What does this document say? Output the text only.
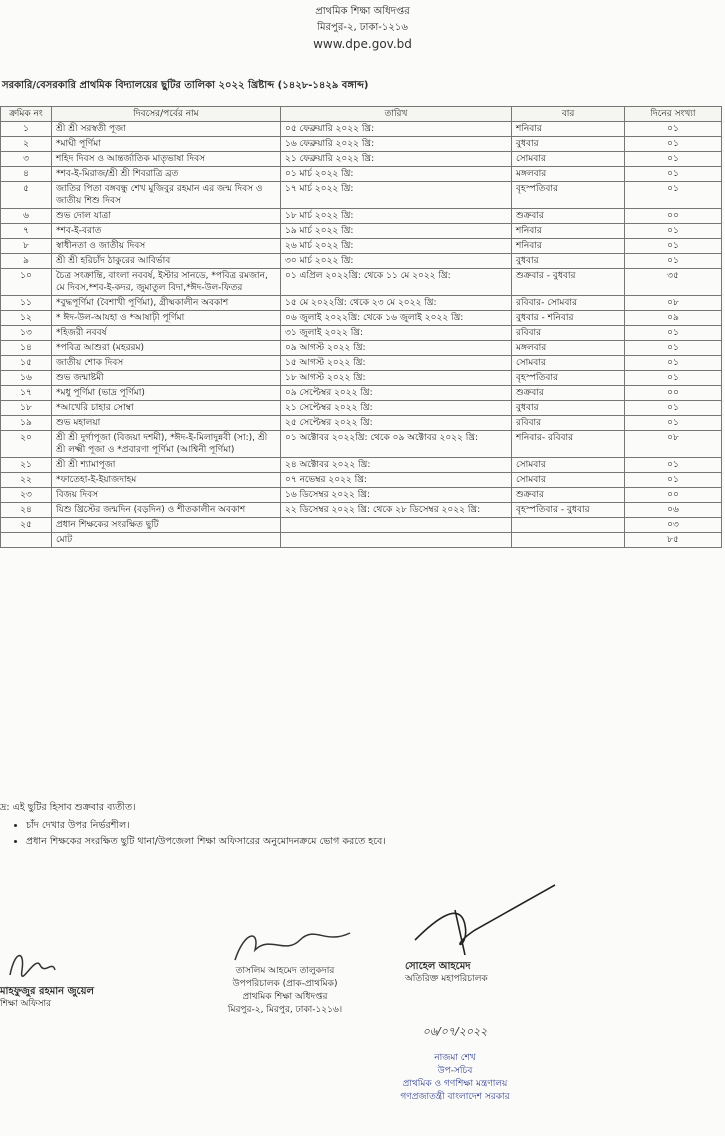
প্রাথমিক শিক্ষা অধিদপ্তর
মিরপুর-২, ঢাকা-১২১৬
www.dpe.gov.bd
সরকারি/বেসরকারি প্রাথমিক বিদ্যালয়ের ছুটির তালিকা ২০২২ খ্রিষ্টাব্দ (১৪২৮-১৪২৯ বঙ্গাব্দ)
ক্রমিক নং	দিবসের/পর্বের নাম	তারিখ	বার	দিনের সংখ্যা
১	শ্রী শ্রী সরস্বতী পূজা	০৫ ফেব্রুয়ারি ২০২২ খ্রি:	শনিবার	০১
২	*মাঘী পূর্ণিমা	১৬ ফেব্রুয়ারি ২০২২ খ্রি:	বুধবার	০১
৩	শহিদ দিবস ও আন্তর্জাতিক মাতৃভাষা দিবস	২১ ফেব্রুয়ারি ২০২২ খ্রি:	সোমবার	০১
৪	*শব-ই-মিরাজ/শ্রী শ্রী শিবরাত্রি ব্রত	০১ মার্চ ২০২২ খ্রি:	মঙ্গলবার	০১
৫	জাতির পিতা বঙ্গবন্ধু শেখ মুজিবুর রহমান এর জন্ম দিবস ও জাতীয় শিশু দিবস	১৭ মার্চ ২০২২ খ্রি:	বৃহস্পতিবার	০১
৬	শুভ দোল যাত্রা	১৮ মার্চ ২০২২ খ্রি:	শুক্রবার	০০
৭	*শব-ই-বরাত	১৯ মার্চ ২০২২ খ্রি:	শনিবার	০১
৮	স্বাধীনতা ও জাতীয় দিবস	২৬ মার্চ ২০২২ খ্রি:	শনিবার	০১
৯	শ্রী শ্রী হরিচাঁদ ঠাকুরের আবির্ভাব	৩০ মার্চ ২০২২ খ্রি:	বুধবার	০১
১০	চৈত্র সংক্রান্তি, বাংলা নববর্ষ, ইস্টার সানডে, *পবিত্র রমজান, মে দিবস,*শব-ই-কদর, জুমাতুল বিদা,*ঈদ-উল-ফিতর	০১ এপ্রিল ২০২২খ্রি: থেকে ১১ মে ২০২২ খ্রি:	শুক্রবার - বুধবার	৩৫
১১	*বুদ্ধপূর্ণিমা (বৈশাখী পূর্ণিমা), গ্রীষ্মকালীন অবকাশ	১৫ মে ২০২২খ্রি: থেকে ২৩ মে ২০২২ খ্রি:	রবিবার- সোমবার	০৮
১২	* ঈদ-উল-আযহা ও *আষাঢ়ী পূর্ণিমা	০৬ জুলাই ২০২২খ্রি: থেকে ১৬ জুলাই ২০২২ খ্রি:	বুধবার - শনিবার	০৯
১৩	*হিজরী নববর্ষ	৩১ জুলাই ২০২২ খ্রি:	রবিবার	০১
১৪	*পবিত্র আশুরা (মহররম)	০৯ আগস্ট ২০২২ খ্রি:	মঙ্গলবার	০১
১৫	জাতীয় শোক দিবস	১৫ আগস্ট ২০২২ খ্রি:	সোমবার	০১
১৬	শুভ জন্মাষ্টমী	১৮ আগস্ট ২০২২ খ্রি:	বৃহস্পতিবার	০১
১৭	*মধু পূর্ণিমা (ভাদ্র পূর্ণিমা)	০৯ সেপ্টেম্বর ২০২২ খ্রি:	শুক্রবার	০০
১৮	*আখেরি চাহার সোম্বা	২১ সেপ্টেম্বর ২০২২ খ্রি:	বুধবার	০১
১৯	শুভ মহালয়া	২৫ সেপ্টেম্বর ২০২২ খ্রি:	রবিবার	০১
২০	শ্রী শ্রী দুর্গাপূজা (বিজয়া দশমী), *ঈদ-ই-মিলাদুন্নবী (সা:), শ্রী শ্রী লক্ষ্মী পূজা ও *প্রবারণা পূর্ণিমা (আশ্বিনী পূর্ণিমা)	০১ অক্টোবর ২০২২খ্রি: থেকে ০৯ অক্টোবর ২০২২ খ্রি:	শনিবার- রবিবার	০৮
২১	শ্রী শ্রী শ্যামাপূজা	২৪ অক্টোবর ২০২২ খ্রি:	সোমবার	০১
২২	*ফাতেহা-ই-ইয়াজদাহম	০৭ নভেম্বর ২০২২ খ্রি:	সোমবার	০১
২৩	বিজয় দিবস	১৬ ডিসেম্বর ২০২২ খ্রি:	শুক্রবার	০০
২৪	যিশু খ্রিস্টের জন্মদিন (বড়দিন) ও শীতকালীন অবকাশ	২২ ডিসেম্বর ২০২২ খ্রি: থেকে ২৮ ডিসেম্বর ২০২২ খ্রি:	বৃহস্পতিবার - বুধবার	০৬
২৫	প্রধান শিক্ষকের সংরক্ষিত ছুটি			০৩
	মোট			৮৫
দ্র: এই ছুটির হিসাব শুক্রবার ব্যতীত।
• চাঁদ দেখার উপর নির্ভরশীল।
• প্রধান শিক্ষকের সংরক্ষিত ছুটি থানা/উপজেলা শিক্ষা অফিসারের অনুমোদনক্রমে ভোগ করতে হবে।
মাহফুজুর রহমান জুয়েল
শিক্ষা অফিসার
তাসলিম আহমেদ তালুকদার
উপপরিচালক (প্রাক-প্রাথমিক)
প্রাথমিক শিক্ষা অধিদপ্তর
মিরপুর-২, মিরপুর, ঢাকা-১২১৬।
সোহেল আহমেদ
অতিরিক্ত মহাপরিচালক
০৬/০৭/২০২২
নাজমা শেখ
উপ-সচিব
প্রাথমিক ও গণশিক্ষা মন্ত্রণালয়
গণপ্রজাতন্ত্রী বাংলাদেশ সরকার
